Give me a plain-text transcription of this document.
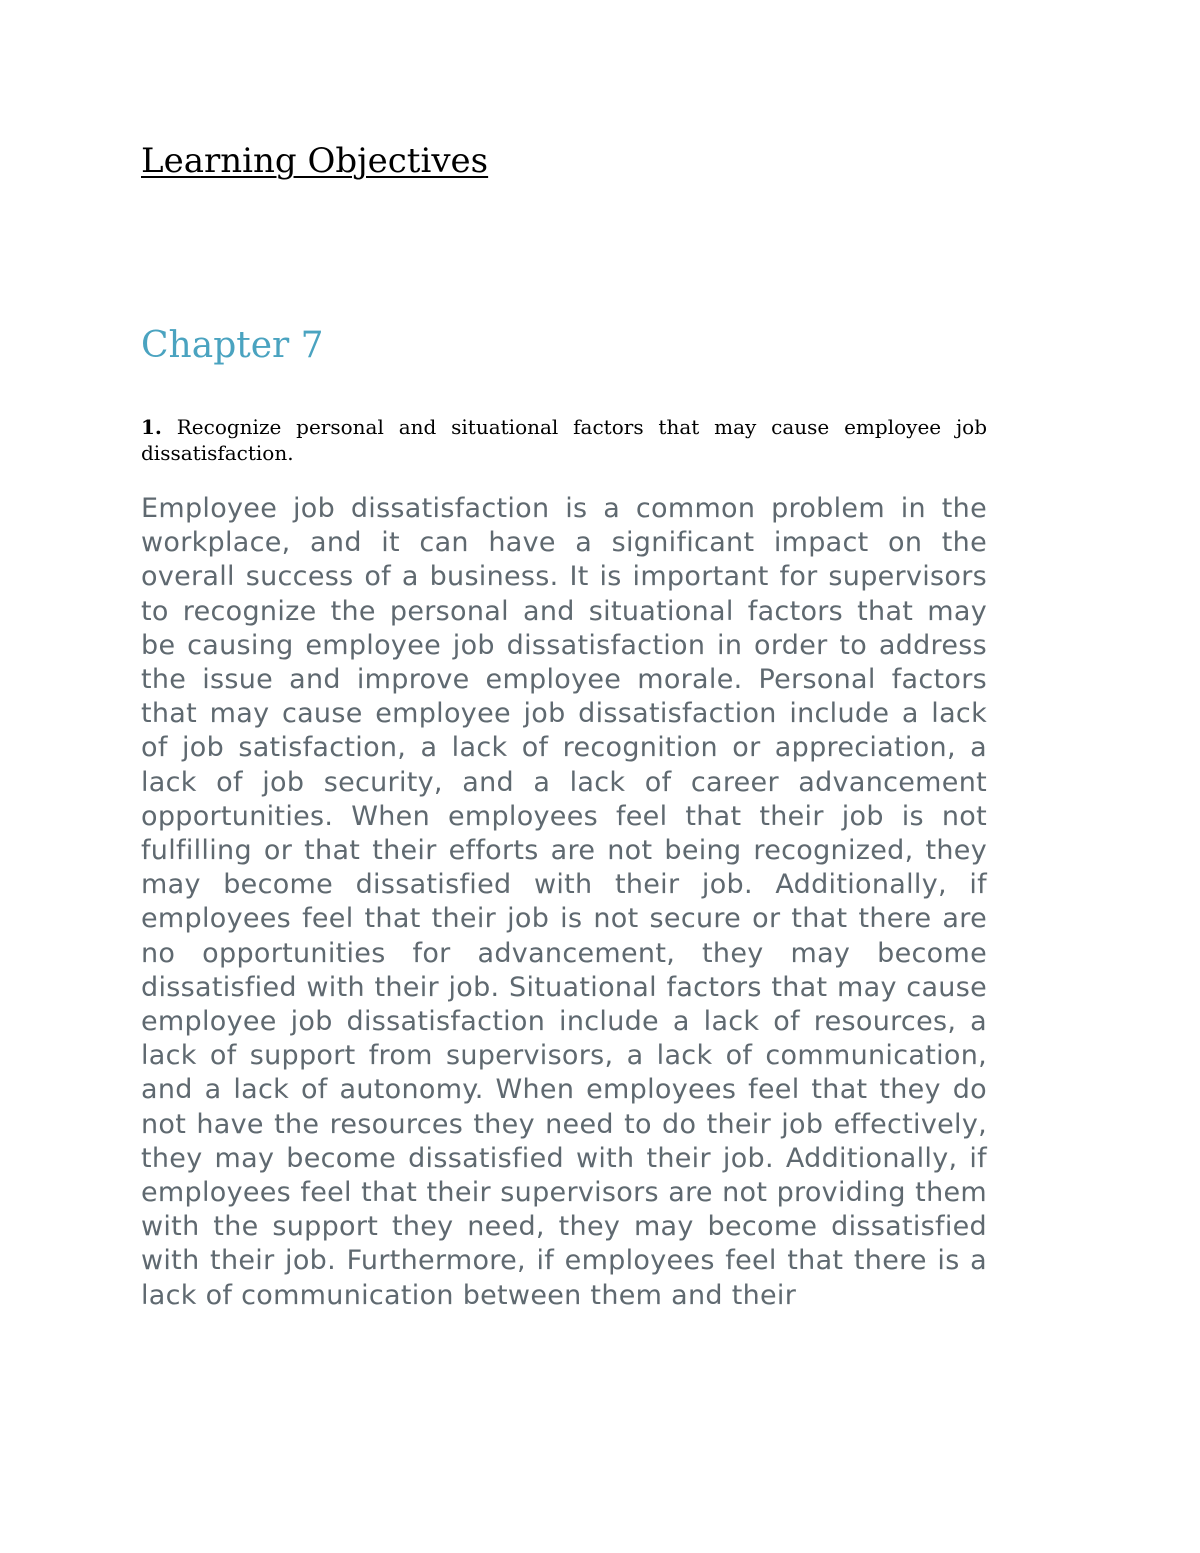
Learning Objectives
Chapter 7

1. Recognize personal and situational factors that may cause employee job dissatisfaction.

Employee job dissatisfaction is a common problem in the workplace, and it can have a significant impact on the overall success of a business. It is important for supervisors to recognize the personal and situational factors that may be causing employee job dissatisfaction in order to address the issue and improve employee morale. Personal factors that may cause employee job dissatisfaction include a lack of job satisfaction, a lack of recognition or appreciation, a lack of job security, and a lack of career advancement opportunities. When employees feel that their job is not fulfilling or that their efforts are not being recognized, they may become dissatisfied with their job. Additionally, if employees feel that their job is not secure or that there are no opportunities for advancement, they may become dissatisfied with their job. Situational factors that may cause employee job dissatisfaction include a lack of resources, a lack of support from supervisors, a lack of communication, and a lack of autonomy. When employees feel that they do not have the resources they need to do their job effectively, they may become dissatisfied with their job. Additionally, if employees feel that their supervisors are not providing them with the support they need, they may become dissatisfied with their job. Furthermore, if employees feel that there is a lack of communication between them and their
